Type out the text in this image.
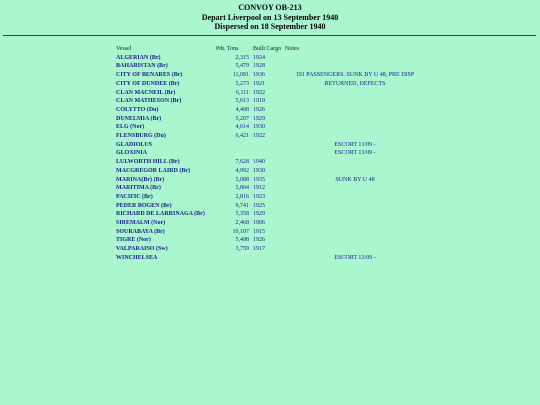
CONVOY OB-213
Depart Liverpool on 13 September 1940
Dispersed on 18 September 1940
Vessel	Pdt. Tons	Built Cargo	Notes
ALGERIAN (Br)	2,315	1924	
BAHARISTAN (Br)	5,479	1928	
CITY OF BENARES (Br)	11,081	1936	191 PASSENGERS. SUNK BY U 48, PRE DISP
CITY OF DUNDEE (Br)	5,273	1921	RETURNED, DEFECTS
CLAN MACNEIL (Br)	6,111	1922	
CLAN MATHESON (Br)	5,613	1919	
COLYTTO (Du)	4,408	1926	
DUNELMIA (Br)	5,207	1929	
ELG (Nor)	4,014	1930	
FLENSBURG (Du)	6,421	1922	
GLADIOLUS			ESCORT 13/09 -
GLOXINIA			ESCORT 13/09 -
LULWORTH HILL (Br)	7,628	1940	
MACGREGOR LAIRD (Br)	4,992	1930	
MARINA(Br) (Br)	5,088	1935	SUNK BY U 48
MARITIMA (Br)	5,804	1912	
PACIFIC (Br)	2,816	1923	
PEDER BOGEN (Br)	9,741	1925	
RICHARD DE LARRINAGA (Br)	5,358	1929	
SIREMALM (Nor)	2,468	1906	
SOURABAYA (Br)	10,107	1915	
TIGRE (Nor)	5,498	1926	
VALPARAISO (Sw)	3,759	1917	
WINCHELSEA			ESCORT 13/09 -
